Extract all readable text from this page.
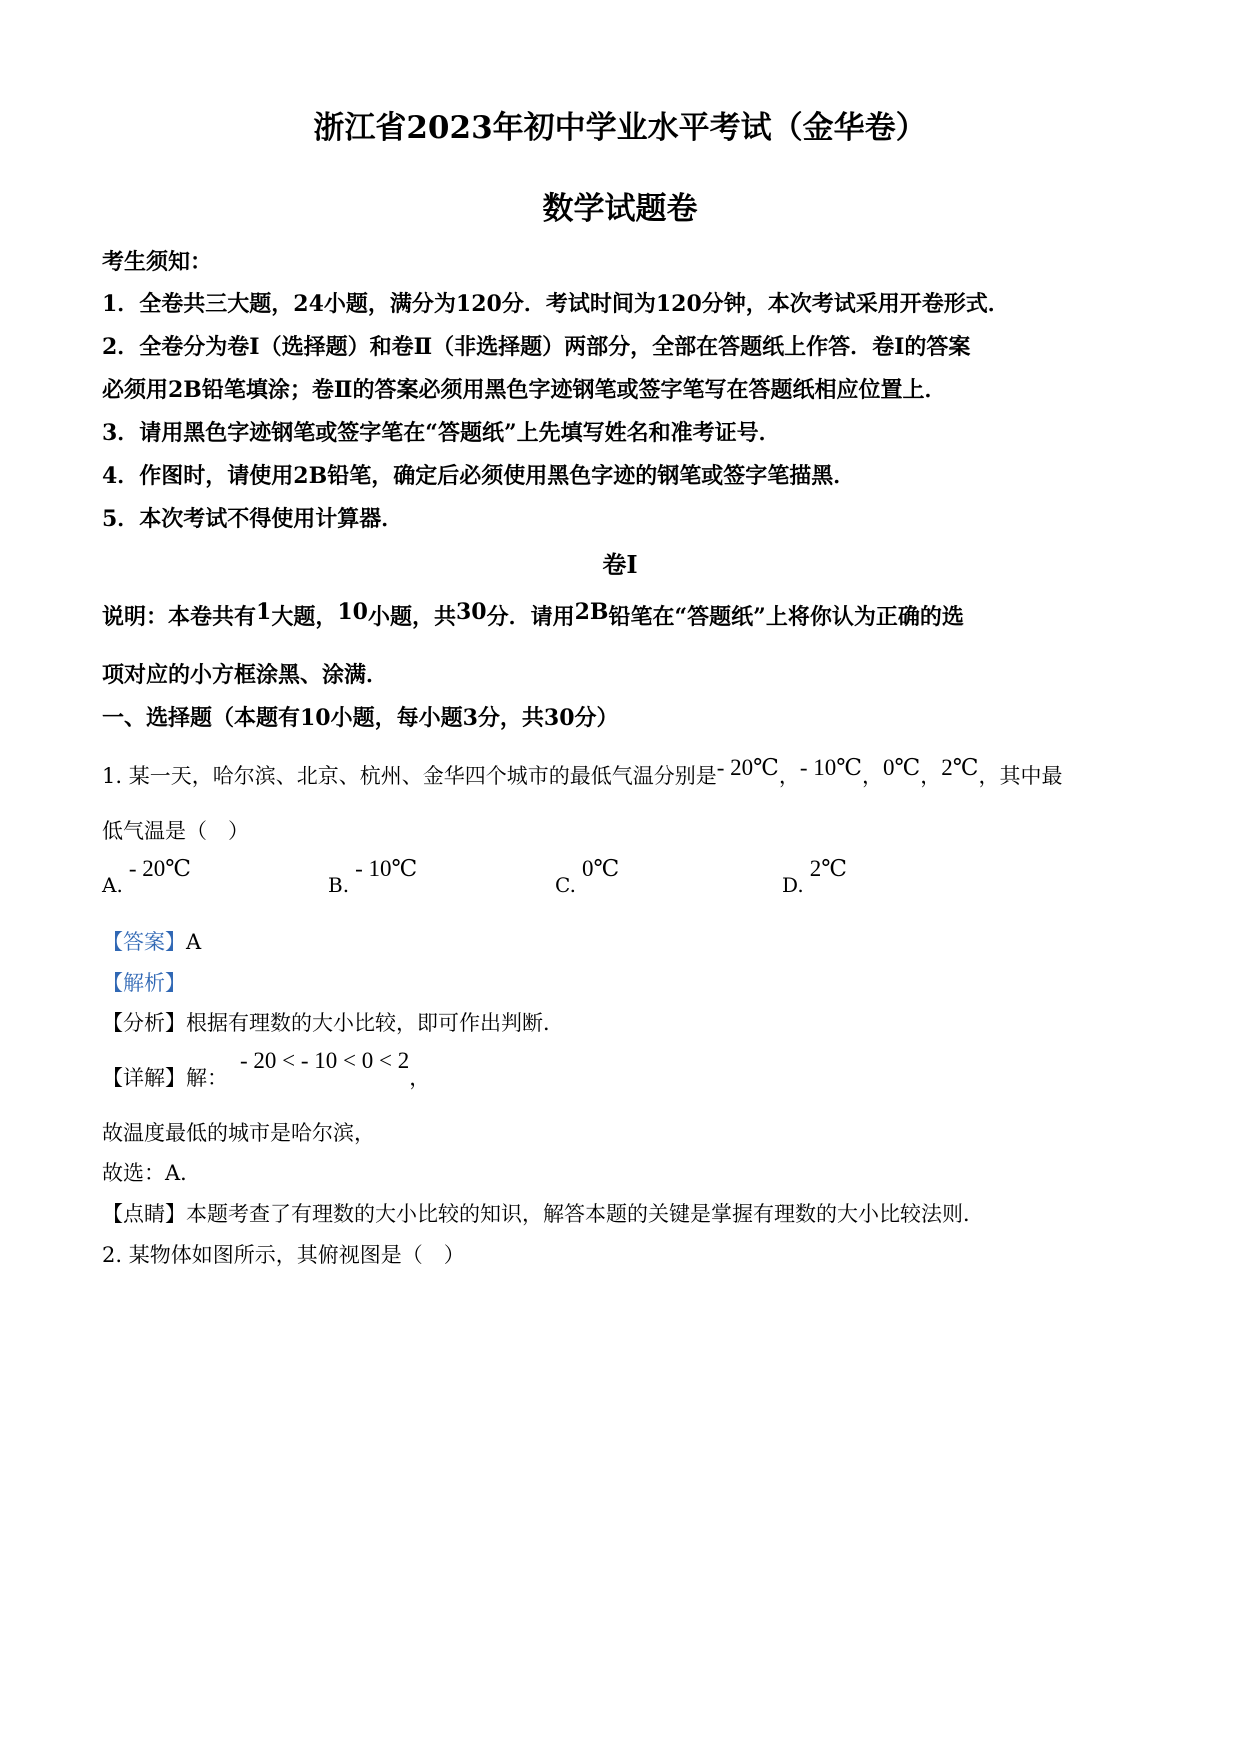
浙江省2023年初中学业水平考试（金华卷）
数学试题卷
考生须知：
1．全卷共三大题，24小题，满分为120分．考试时间为120分钟，本次考试采用开卷形式．
2．全卷分为卷Ⅰ（选择题）和卷Ⅱ（非选择题）两部分，全部在答题纸上作答．卷Ⅰ的答案
必须用2B铅笔填涂；卷Ⅱ的答案必须用黑色字迹钢笔或签字笔写在答题纸相应位置上．
3．请用黑色字迹钢笔或签字笔在“答题纸”上先填写姓名和准考证号．
4．作图时，请使用2B铅笔，确定后必须使用黑色字迹的钢笔或签字笔描黑．
5．本次考试不得使用计算器．
卷Ⅰ
说明：本卷共有1大题，10小题，共30分．请用2B铅笔在“答题纸”上将你认为正确的选
项对应的小方框涂黑、涂满．
一、选择题（本题有10小题，每小题3分，共30分）
1. 某一天，哈尔滨、北京、杭州、金华四个城市的最低气温分别是- 20℃，- 10℃，0℃，2℃，其中最
低气温是（　）
A.- 20℃
B.- 10℃
C.0℃
D.2℃
【答案】A
【解析】
【分析】根据有理数的大小比较，即可作出判断．
【详解】解：- 20 < - 10 < 0 < 2，
故温度最低的城市是哈尔滨，
故选：A．
【点睛】本题考查了有理数的大小比较的知识，解答本题的关键是掌握有理数的大小比较法则．
2. 某物体如图所示，其俯视图是（　）
